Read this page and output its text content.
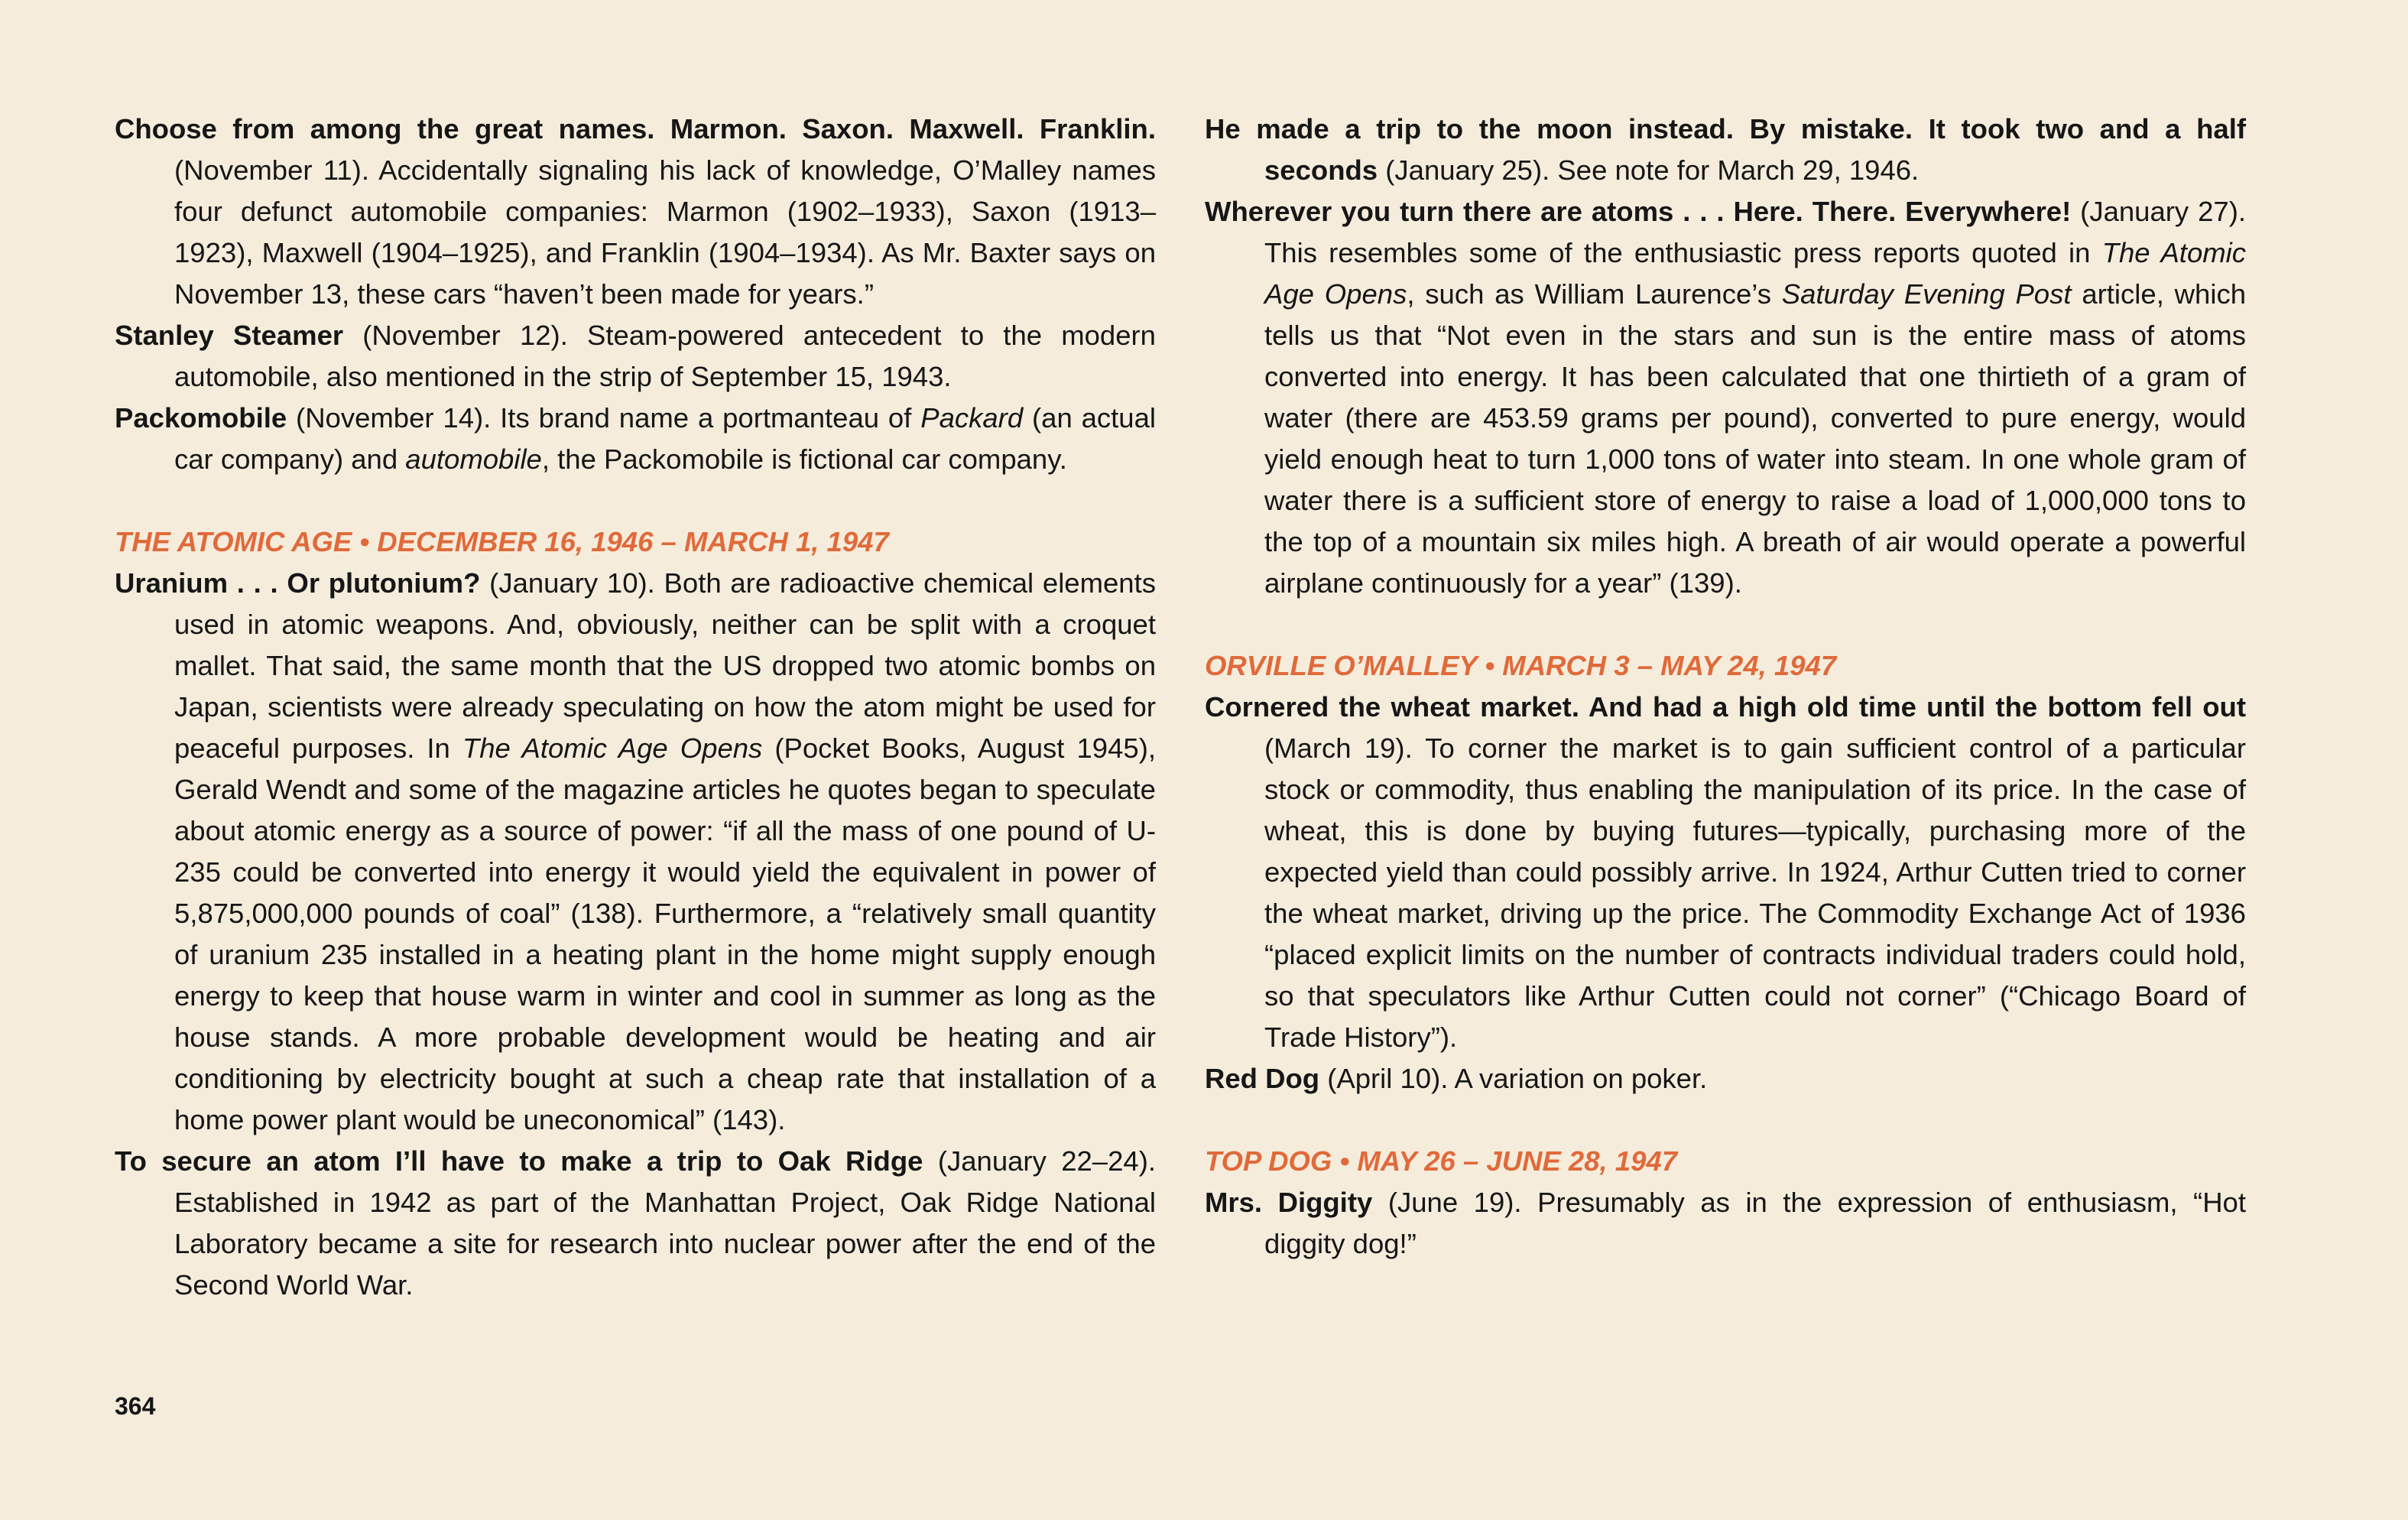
Choose from among the great names. Marmon. Saxon. Maxwell. Franklin. (November 11). Accidentally signaling his lack of knowledge, O’Malley names four defunct automobile companies: Marmon (1902–1933), Saxon (1913–1923), Maxwell (1904–1925), and Franklin (1904–1934). As Mr. Baxter says on November 13, these cars “haven’t been made for years.”

Stanley Steamer (November 12). Steam-powered antecedent to the modern automobile, also mentioned in the strip of September 15, 1943.

Packomobile (November 14). Its brand name a portmanteau of Packard (an actual car company) and automobile, the Packomobile is fictional car company.

THE ATOMIC AGE • DECEMBER 16, 1946 – MARCH 1, 1947

Uranium . . . Or plutonium? (January 10). Both are radioactive chemical elements used in atomic weapons. And, obviously, neither can be split with a croquet mallet. That said, the same month that the US dropped two atomic bombs on Japan, scientists were already speculating on how the atom might be used for peaceful purposes. In The Atomic Age Opens (Pocket Books, August 1945), Gerald Wendt and some of the magazine articles he quotes began to speculate about atomic energy as a source of power: “if all the mass of one pound of U-235 could be converted into energy it would yield the equivalent in power of 5,875,000,000 pounds of coal” (138). Furthermore, a “relatively small quantity of uranium 235 installed in a heating plant in the home might supply enough energy to keep that house warm in winter and cool in summer as long as the house stands. A more probable development would be heating and air conditioning by electricity bought at such a cheap rate that installation of a home power plant would be uneconomical” (143).

To secure an atom I’ll have to make a trip to Oak Ridge (January 22–24). Established in 1942 as part of the Manhattan Project, Oak Ridge National Laboratory became a site for research into nuclear power after the end of the Second World War.

He made a trip to the moon instead. By mistake. It took two and a half seconds (January 25). See note for March 29, 1946.

Wherever you turn there are atoms . . . Here. There. Everywhere! (January 27). This resembles some of the enthusiastic press reports quoted in The Atomic Age Opens, such as William Laurence’s Saturday Evening Post article, which tells us that “Not even in the stars and sun is the entire mass of atoms converted into energy. It has been calculated that one thirtieth of a gram of water (there are 453.59 grams per pound), converted to pure energy, would yield enough heat to turn 1,000 tons of water into steam. In one whole gram of water there is a sufficient store of energy to raise a load of 1,000,000 tons to the top of a mountain six miles high. A breath of air would operate a powerful airplane continuously for a year” (139).

ORVILLE O’MALLEY • MARCH 3 – MAY 24, 1947

Cornered the wheat market. And had a high old time until the bottom fell out (March 19). To corner the market is to gain sufficient control of a particular stock or commodity, thus enabling the manipulation of its price. In the case of wheat, this is done by buying futures—typically, purchasing more of the expected yield than could possibly arrive. In 1924, Arthur Cutten tried to corner the wheat market, driving up the price. The Commodity Exchange Act of 1936 “placed explicit limits on the number of contracts individual traders could hold, so that speculators like Arthur Cutten could not corner” (“Chicago Board of Trade History”).

Red Dog (April 10). A variation on poker.

TOP DOG • MAY 26 – JUNE 28, 1947

Mrs. Diggity (June 19). Presumably as in the expression of enthusiasm, “Hot diggity dog!”

364
